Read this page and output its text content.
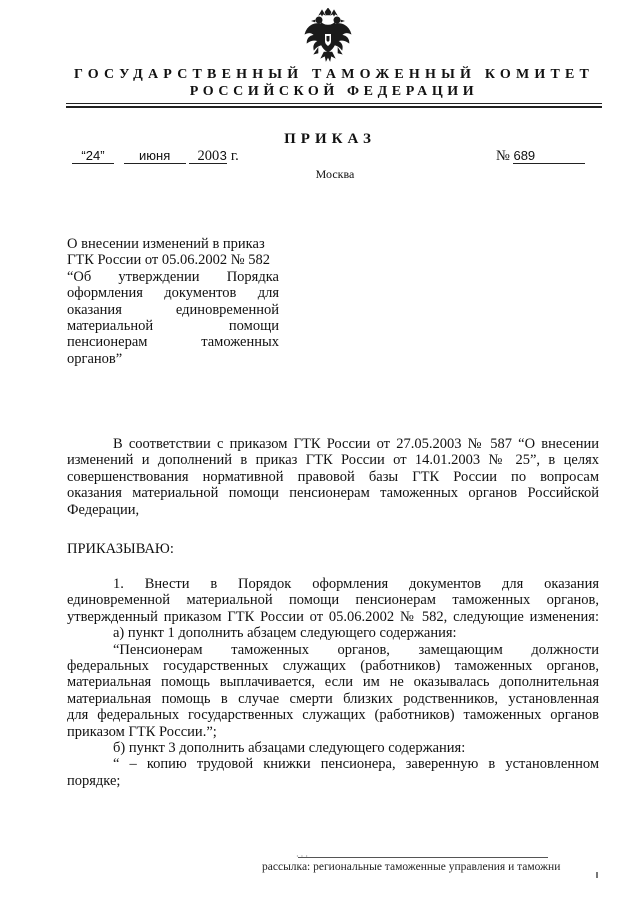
ГОСУДАРСТВЕННЫЙ ТАМОЖЕННЫЙ КОМИТЕТ
РОССИЙСКОЙ ФЕДЕРАЦИИ
ПРИКАЗ
“24”	июня 2003 г.	№ 689
Москва
О внесении изменений в приказ
ГТК России от 05.06.2002 № 582
“Об утверждении Порядка
оформления документов для
оказания единовременной
материальной помощи
пенсионерам таможенных
органов”
В соответствии с приказом ГТК России от 27.05.2003 № 587 “О внесении
изменений и дополнений в приказ ГТК России от 14.01.2003 № 25”, в целях
совершенствования нормативной правовой базы ГТК России по вопросам
оказания материальной помощи пенсионерам таможенных органов Российской
Федерации,
ПРИКАЗЫВАЮ:
1. Внести в Порядок оформления документов для оказания
единовременной материальной помощи пенсионерам таможенных органов,
утвержденный приказом ГТК России от 05.06.2002 № 582, следующие изменения:
а) пункт 1 дополнить абзацем следующего содержания:
“Пенсионерам таможенных органов, замещающим должности
федеральных государственных служащих (работников) таможенных органов,
материальная помощь выплачивается, если им не оказывалась дополнительная
материальная помощь в случае смерти близких родственников, установленная
для федеральных государственных служащих (работников) таможенных органов
приказом ГТК России.”;
б) пункт 3 дополнить абзацами следующего содержания:
“ – копию трудовой книжки пенсионера, заверенную в установленном
порядке;
· · ·
рассылка: региональные таможенные управления и таможни
